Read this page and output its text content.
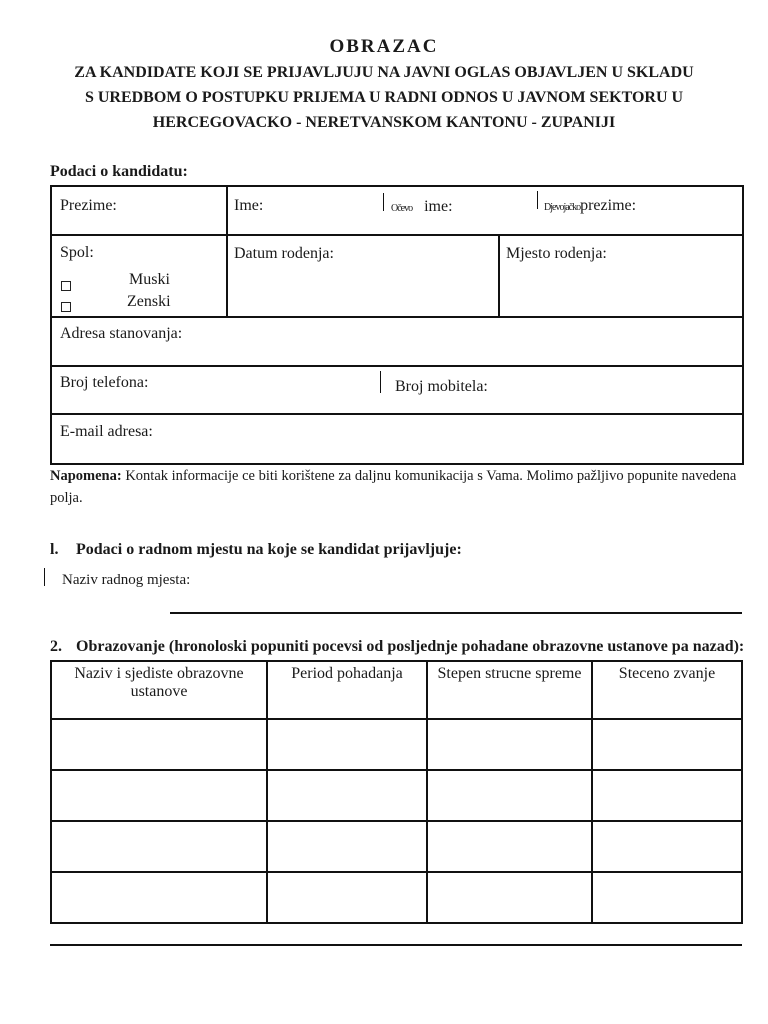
OBRAZAC
ZA KANDIDATE KOJI SE PRIJAVLJUJU NA JAVNI OGLAS OBJAVLJEN U SKLADU
S UREDBOM O POSTUPKU PRIJEMA U RADNI ODNOS U JAVNOM SEKTORU U
HERCEGOVACKO - NERETVANSKOM KANTONU - ZUPANIJI
Podaci o kandidatu:
Prezime:	Ime:	Očevo ime:	Djevojačkoprezime:
Spol:
Muski
Zenski
Datum rodenja:	Mjesto rodenja:
Adresa stanovanja:
Broj telefona:	Broj mobitela:
E-mail adresa:
Napomena: Kontak informacije ce biti korištene za daljnu komunikacija s Vama. Molimo pažljivo popunite navedena polja.
l. Podaci o radnom mjestu na koje se kandidat prijavljuje:
Naziv radnog mjesta:
2. Obrazovanje (hronoloski popuniti pocevsi od posljednje pohadane obrazovne ustanove pa nazad):
Naziv i sjediste obrazovne ustanove	Period pohadanja	Stepen strucne spreme	Steceno zvanje
